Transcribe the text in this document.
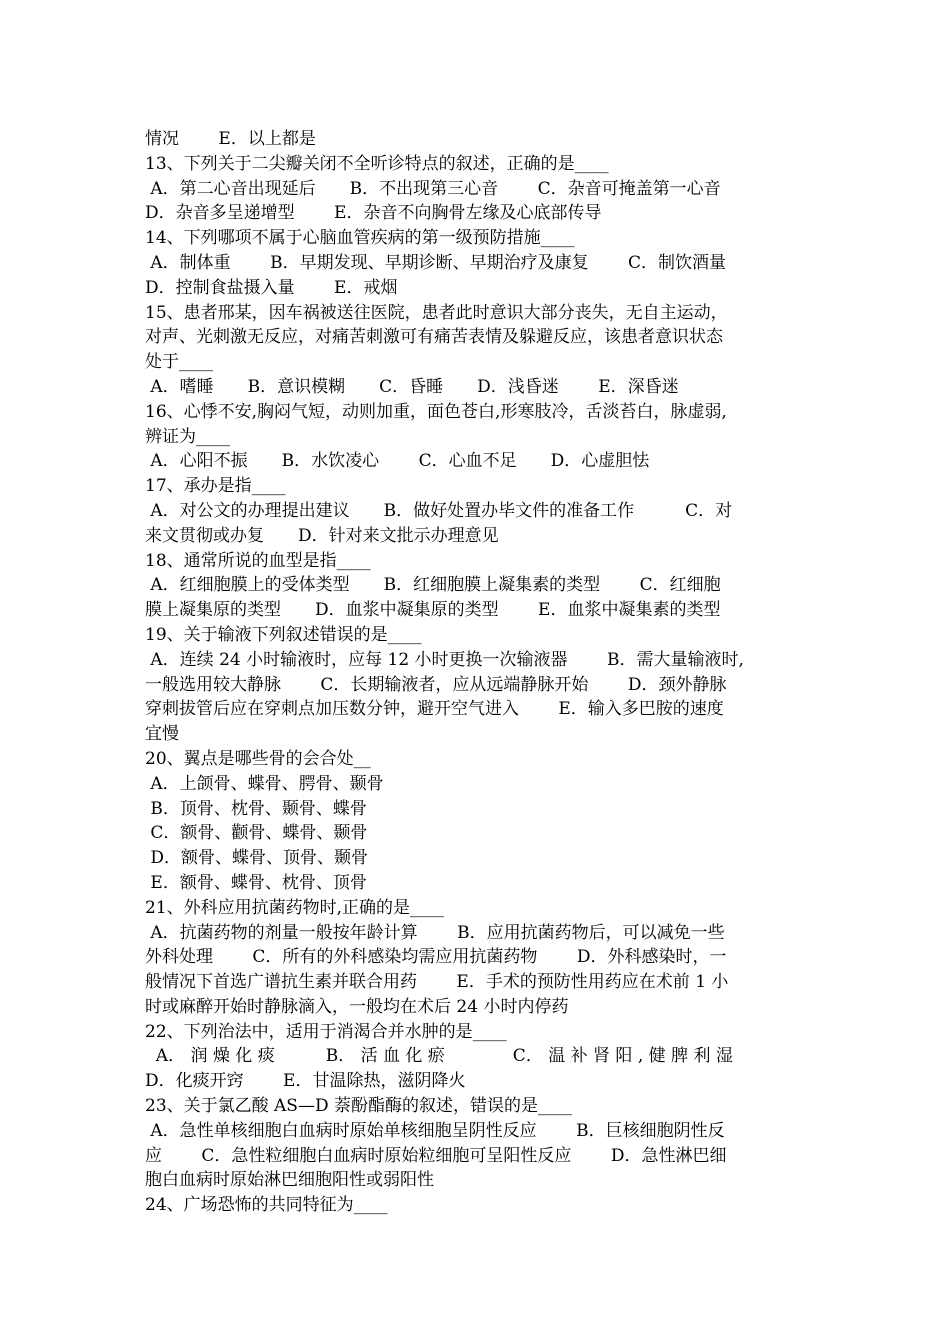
情况　　 E．以上都是
13、下列关于二尖瓣关闭不全听诊特点的叙述，正确的是____
A．第二心音出现延后　　B．不出现第三心音　　 C．杂音可掩盖第一心音
D．杂音多呈递增型　　 E．杂音不向胸骨左缘及心底部传导
14、下列哪项不属于心脑血管疾病的第一级预防措施____
A．制体重　　 B．早期发现、早期诊断、早期治疗及康复　　 C．制饮酒量
D．控制食盐摄入量　　 E．戒烟
15、患者邢某，因车祸被送往医院，患者此时意识大部分丧失，无自主运动，
对声、光刺激无反应，对痛苦刺激可有痛苦表情及躲避反应，该患者意识状态
处于____
A．嗜睡　　B．意识模糊　　C．昏睡　　D．浅昏迷　　 E．深昏迷
16、心悸不安,胸闷气短，动则加重，面色苍白,形寒肢冷，舌淡苔白，脉虚弱,
辨证为____
A．心阳不振　　B．水饮凌心　　 C．心血不足　　D．心虚胆怯
17、承办是指____
A．对公文的办理提出建议　　B．做好处置办毕文件的准备工作　　　C．对
来文贯彻或办复　　D．针对来文批示办理意见
18、通常所说的血型是指____
A．红细胞膜上的受体类型　　B．红细胞膜上凝集素的类型　　 C．红细胞
膜上凝集原的类型　　D．血浆中凝集原的类型　　 E．血浆中凝集素的类型
19、关于输液下列叙述错误的是____
A．连续 24 小时输液时，应每 12 小时更换一次输液器　　 B．需大量输液时,
一般选用较大静脉　　 C．长期输液者，应从远端静脉开始　　 D．颈外静脉
穿刺拔管后应在穿刺点加压数分钟，避开空气进入　　 E．输入多巴胺的速度
宜慢
20、翼点是哪些骨的会合处__
A．上颌骨、蝶骨、腭骨、颞骨
B．顶骨、枕骨、颞骨、蝶骨
C．额骨、颧骨、蝶骨、颞骨
D．额骨、蝶骨、顶骨、颞骨
E．额骨、蝶骨、枕骨、顶骨
21、外科应用抗菌药物时,正确的是____
A．抗菌药物的剂量一般按年龄计算　　 B．应用抗菌药物后，可以减免一些
外科处理　　 C．所有的外科感染均需应用抗菌药物　　 D．外科感染时，一
般情况下首选广谱抗生素并联合用药　　 E．手术的预防性用药应在术前 1 小
时或麻醉开始时静脉滴入，一般均在术后 24 小时内停药
22、下列治法中，适用于消渴合并水肿的是____
A． 润 燥 化 痰　　　B． 活 血 化 瘀　　　　C． 温 补 肾 阳 , 健 脾 利 湿
D．化痰开窍　　 E．甘温除热，滋阴降火
23、关于氯乙酸 AS—D 萘酚酯酶的叙述，错误的是____
A．急性单核细胞白血病时原始单核细胞呈阴性反应　　 B．巨核细胞阴性反
应　　 C．急性粒细胞白血病时原始粒细胞可呈阳性反应　　 D．急性淋巴细
胞白血病时原始淋巴细胞阳性或弱阳性
24、广场恐怖的共同特征为____
